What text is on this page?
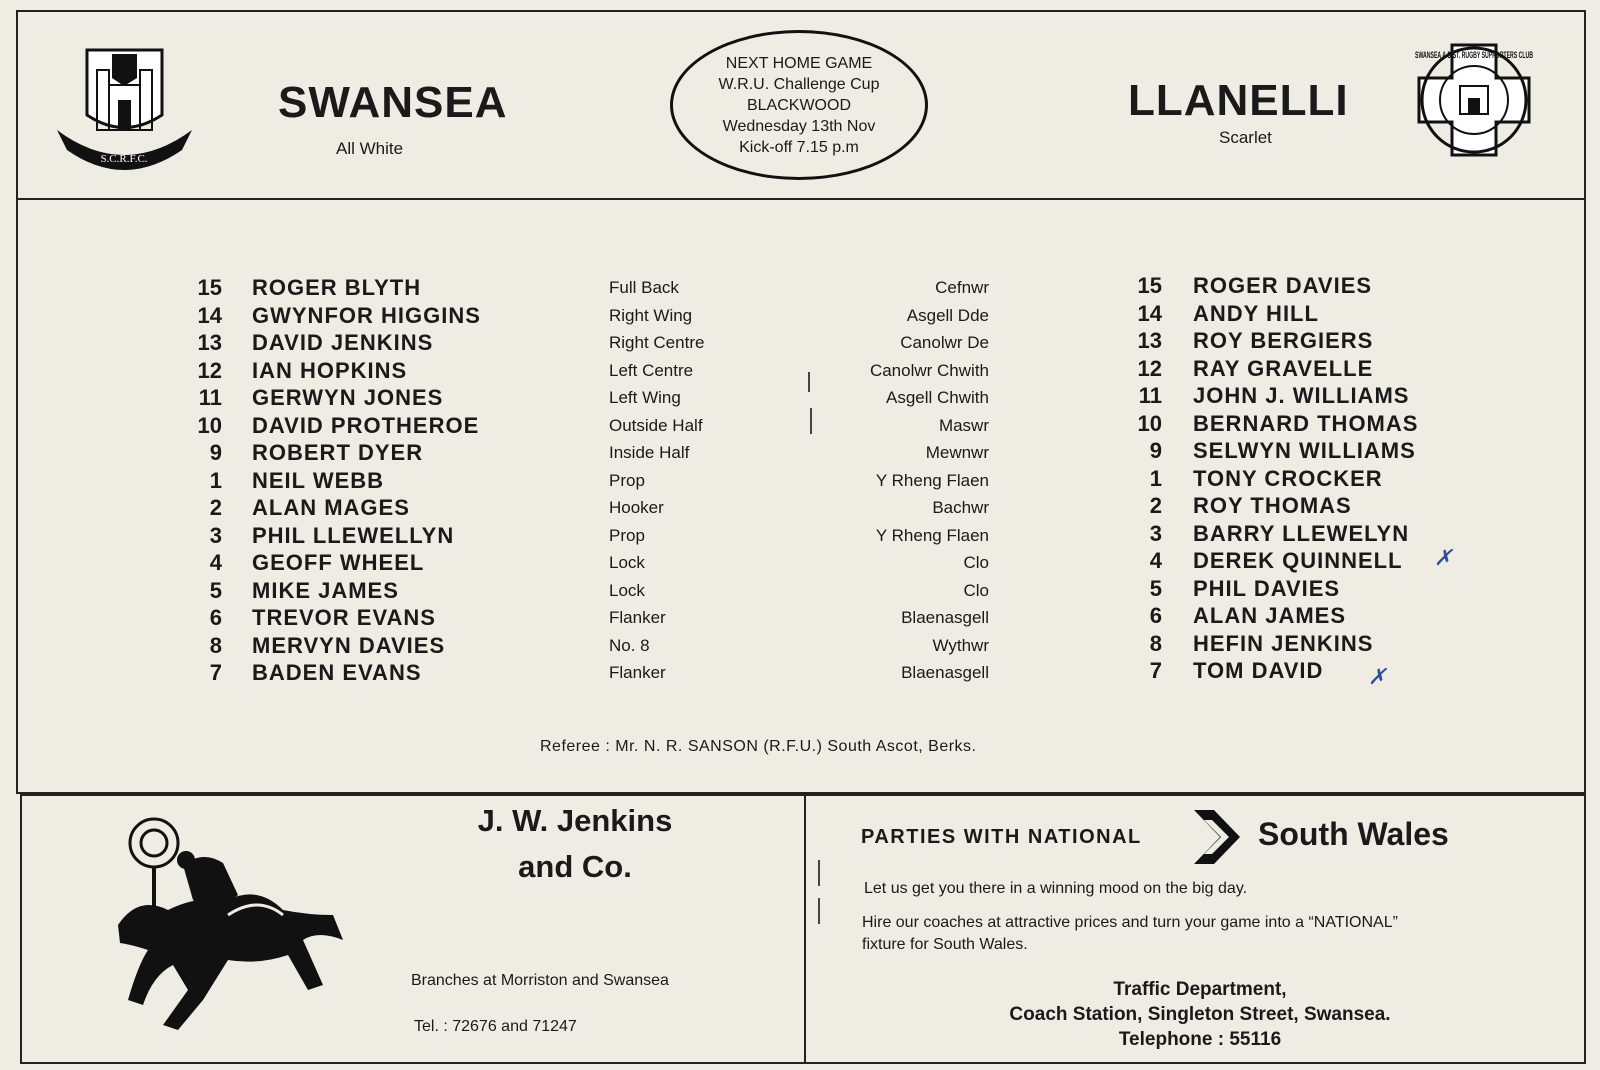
S.C.R.F.C.
SWANSEA
All White
NEXT HOME GAME
W.R.U. Challenge Cup
BLACKWOOD
Wednesday 13th Nov
Kick-off 7.15 p.m
LLANELLI
Scarlet
SWANSEA & DIST. RUGBY SUPPORTERS CLUB
15 ROGER BLYTH	Full Back	Cefnwr	15 ROGER DAVIES
14 GWYNFOR HIGGINS	Right Wing	Asgell Dde	14 ANDY HILL
13 DAVID JENKINS	Right Centre	Canolwr De	13 ROY BERGIERS
12 IAN HOPKINS	Left Centre	Canolwr Chwith	12 RAY GRAVELLE
11 GERWYN JONES	Left Wing	Asgell Chwith	11 JOHN J. WILLIAMS
10 DAVID PROTHEROE	Outside Half	Maswr	10 BERNARD THOMAS
9 ROBERT DYER	Inside Half	Mewnwr	9 SELWYN WILLIAMS
1 NEIL WEBB	Prop	Y Rheng Flaen	1 TONY CROCKER
2 ALAN MAGES	Hooker	Bachwr	2 ROY THOMAS
3 PHIL LLEWELLYN	Prop	Y Rheng Flaen	3 BARRY LLEWELYN
4 GEOFF WHEEL	Lock	Clo	4 DEREK QUINNELL
5 MIKE JAMES	Lock	Clo	5 PHIL DAVIES
6 TREVOR EVANS	Flanker	Blaenasgell	6 ALAN JAMES
8 MERVYN DAVIES	No. 8	Wythwr	8 HEFIN JENKINS
7 BADEN EVANS	Flanker	Blaenasgell	7 TOM DAVID
✗
✗
Referee : Mr. N. R. SANSON (R.F.U.) South Ascot, Berks.
J. W. Jenkins
and Co.
Branches at Morriston and Swansea
Tel. : 72676 and 71247
PARTIES WITH NATIONAL	South Wales
Let us get you there in a winning mood on the big day.
Hire our coaches at attractive prices and turn your game into a “NATIONAL”
fixture for South Wales.
Traffic Department,
Coach Station, Singleton Street, Swansea.
Telephone : 55116
